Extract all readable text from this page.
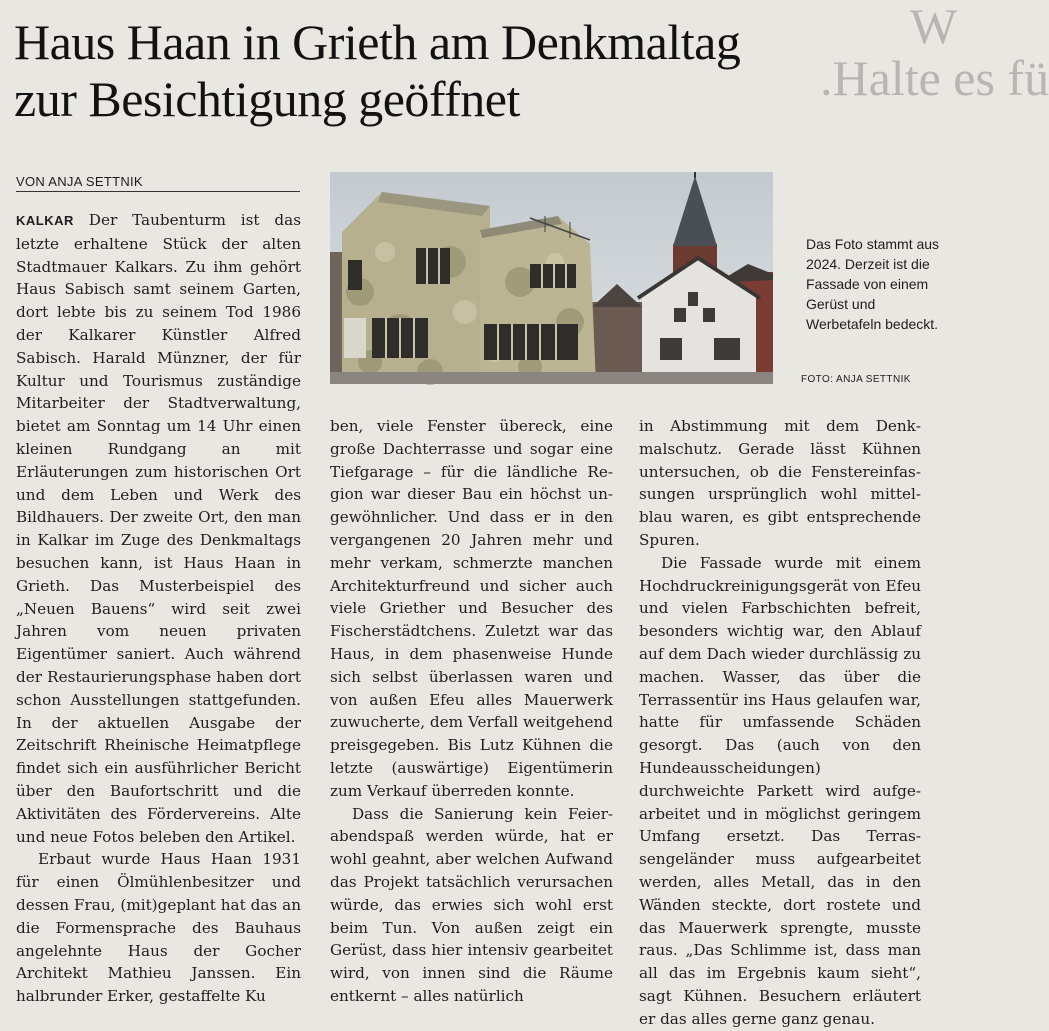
W
.Halte es fü
Haus Haan in Grieth am Denkmaltag
zur Besichtigung geöffnet
VON ANJA SETTNIK
Das Foto stammt aus 2024. Derzeit ist die Fassade von einem Gerüst und Werbetafeln bedeckt.
FOTO: ANJA SETTNIK

KALKAR Der Taubenturm ist das letzte erhaltene Stück der alten Stadtmauer Kalkars. Zu ihm gehört Haus Sabisch samt seinem Garten, dort lebte bis zu seinem Tod 1986 der Kalkarer Künstler Alfred Sabisch. Harald Münzner, der für Kultur und Tourismus zuständige Mitarbeiter der Stadtverwaltung, bietet am Sonntag um 14 Uhr einen kleinen Rundgang an mit Erläuterungen zum historischen Ort und dem Leben und Werk des Bildhauers. Der zweite Ort, den man in Kalkar im Zuge des Denkmaltags besuchen kann, ist Haus Haan in Grieth. Das Musterbeispiel des „Neuen Bauens“ wird seit zwei Jahren vom neuen privaten Eigentümer saniert. Auch während der Restaurierungsphase haben dort schon Ausstellungen stattgefunden. In der aktuellen Ausgabe der Zeitschrift Rheinische Heimatpflege findet sich ein ausführlicher Bericht über den Baufortschritt und die Aktivitäten des Fördervereins. Alte und neue Fotos beleben den Artikel.

Erbaut wurde Haus Haan 1931 für einen Ölmühlenbesitzer und dessen Frau, (mit)geplant hat das an die Formensprache des Bauhaus angelehnte Haus der Gocher Architekt Mathieu Janssen. Ein halbrunder Erker, gestaffelte Ku

ben, viele Fenster übereck, eine große Dachterrasse und sogar eine Tiefgarage – für die ländliche Region war dieser Bau ein höchst ungewöhnlicher. Und dass er in den vergangenen 20 Jahren mehr und mehr verkam, schmerzte manchen Architekturfreund und sicher auch viele Griether und Besucher des Fischerstädtchens. Zuletzt war das Haus, in dem phasenweise Hunde sich selbst überlassen waren und von außen Efeu alles Mauerwerk zuwucherte, dem Verfall weitgehend preisgegeben. Bis Lutz Kühnen die letzte (auswärtige) Eigentümerin zum Verkauf überreden konnte.

Dass die Sanierung kein Feierabendspaß werden würde, hat er wohl geahnt, aber welchen Aufwand das Projekt tatsächlich verursachen würde, das erwies sich wohl erst beim Tun. Von außen zeigt ein Gerüst, dass hier intensiv gearbeitet wird, von innen sind die Räume entkernt – alles natürlich

in Abstimmung mit dem Denkmalschutz. Gerade lässt Kühnen untersuchen, ob die Fenstereinfassungen ursprünglich wohl mittelblau waren, es gibt entsprechende Spuren.

Die Fassade wurde mit einem Hochdruckreinigungsgerät von Efeu und vielen Farbschichten befreit, besonders wichtig war, den Ablauf auf dem Dach wieder durchlässig zu machen. Wasser, das über die Terrassentür ins Haus gelaufen war, hatte für umfassende Schäden gesorgt. Das (auch von den Hundeausscheidungen) durchweichte Parkett wird aufgearbeitet und in möglichst geringem Umfang ersetzt. Das Terrassengeländer muss aufgearbeitet werden, alles Metall, das in den Wänden steckte, dort rostete und das Mauerwerk sprengte, musste raus. „Das Schlimme ist, dass man all das im Ergebnis kaum sieht“, sagt Kühnen. Besuchern erläutert er das alles gerne ganz genau.
